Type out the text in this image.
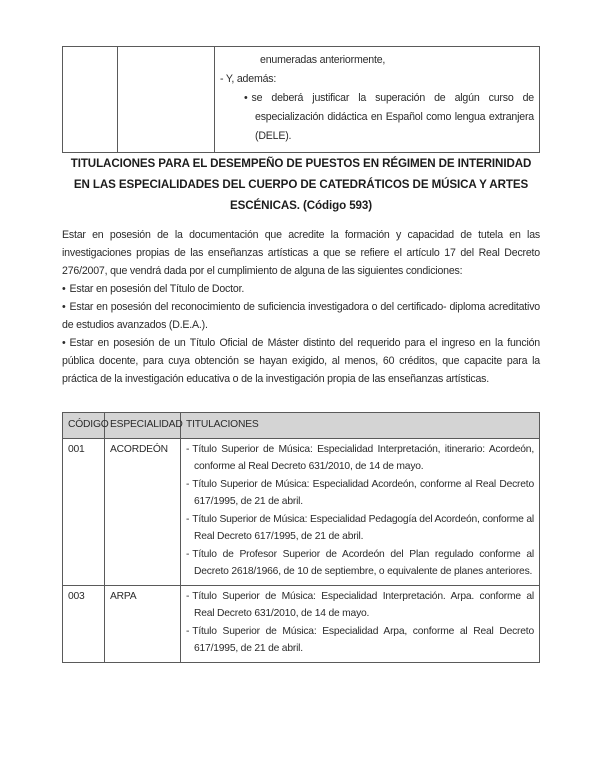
enumeradas anteriormente,
- Y, además:
• se deberá justificar la superación de algún curso de especialización didáctica en Español como lengua extranjera (DELE).
TITULACIONES PARA EL DESEMPEÑO DE PUESTOS EN RÉGIMEN DE INTERINIDAD EN LAS ESPECIALIDADES DEL CUERPO DE CATEDRÁTICOS DE MÚSICA Y ARTES ESCÉNICAS. (Código 593)

Estar en posesión de la documentación que acredite la formación y capacidad de tutela en las investigaciones propias de las enseñanzas artísticas a que se refiere el artículo 17 del Real Decreto 276/2007, que vendrá dada por el cumplimiento de alguna de las siguientes condiciones:

• Estar en posesión del Título de Doctor.

• Estar en posesión del reconocimiento de suficiencia investigadora o del certificado- diploma acreditativo de estudios avanzados (D.E.A.).

• Estar en posesión de un Título Oficial de Máster distinto del requerido para el ingreso en la función pública docente, para cuya obtención se hayan exigido, al menos, 60 créditos, que capacite para la práctica de la investigación educativa o de la investigación propia de las enseñanzas artísticas.

CÓDIGO	ESPECIALIDAD	TITULACIONES
001	ACORDEÓN	- Título Superior de Música: Especialidad Interpretación, itinerario: Acordeón, conforme al Real Decreto 631/2010, de 14 de mayo.
- Título Superior de Música: Especialidad Acordeón, conforme al Real Decreto 617/1995, de 21 de abril.
- Título Superior de Música: Especialidad Pedagogía del Acordeón, conforme al Real Decreto 617/1995, de 21 de abril.
- Título de Profesor Superior de Acordeón del Plan regulado conforme al Decreto 2618/1966, de 10 de septiembre, o equivalente de planes anteriores.

003	ARPA	- Título Superior de Música: Especialidad Interpretación. Arpa. conforme al Real Decreto 631/2010, de 14 de mayo.
- Título Superior de Música: Especialidad Arpa, conforme al Real Decreto 617/1995, de 21 de abril.
